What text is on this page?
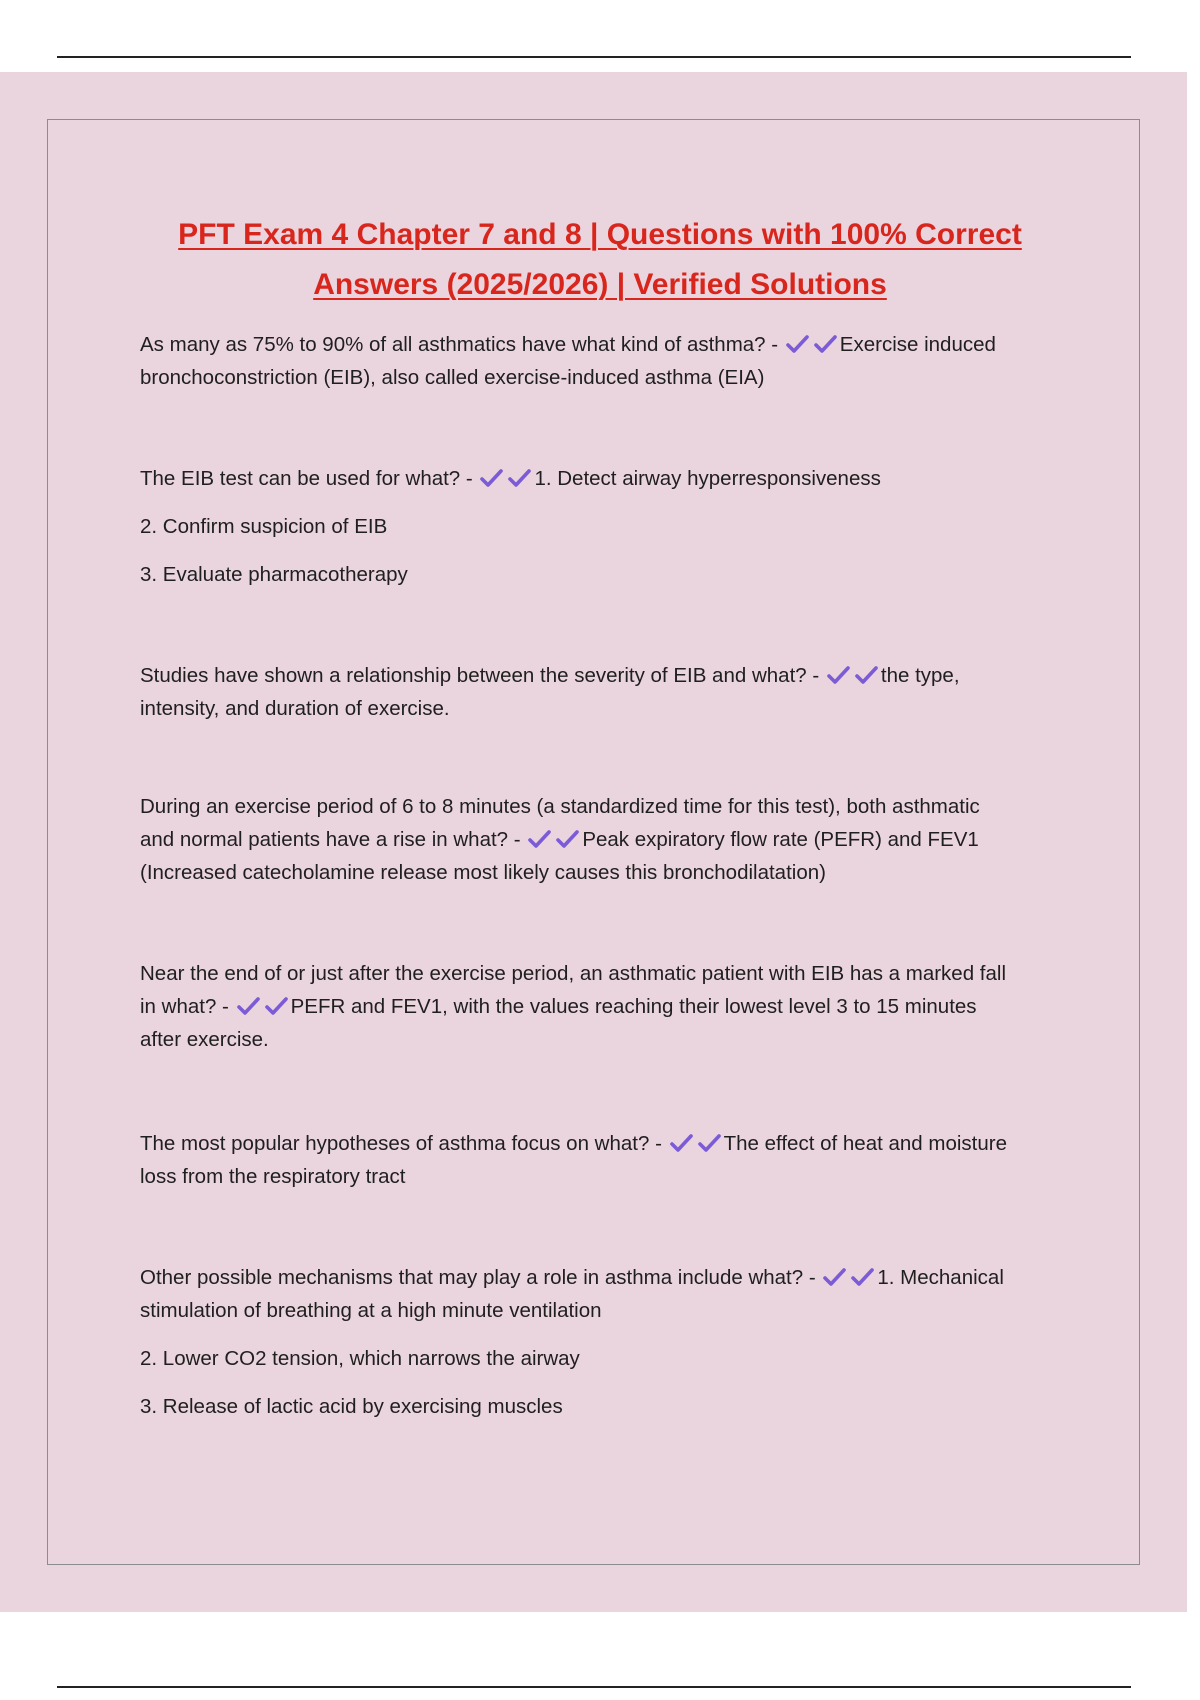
PFT Exam 4 Chapter 7 and 8 | Questions with 100% Correct
Answers (2025/2026) | Verified Solutions

As many as 75% to 90% of all asthmatics have what kind of asthma? -	Exercise induced

bronchoconstriction (EIB), also called exercise-induced asthma (EIA)

The EIB test can be used for what? -	1. Detect airway hyperresponsiveness

2. Confirm suspicion of EIB

3. Evaluate pharmacotherapy

Studies have shown a relationship between the severity of EIB and what? -	the type,

intensity, and duration of exercise.

During an exercise period of 6 to 8 minutes (a standardized time for this test), both asthmatic

and normal patients have a rise in what? -	Peak expiratory flow rate (PEFR) and FEV1

(Increased catecholamine release most likely causes this bronchodilatation)

Near the end of or just after the exercise period, an asthmatic patient with EIB has a marked fall

in what? -	PEFR and FEV1, with the values reaching their lowest level 3 to 15 minutes

after exercise.

The most popular hypotheses of asthma focus on what? -	The effect of heat and moisture

loss from the respiratory tract

Other possible mechanisms that may play a role in asthma include what? -	1. Mechanical

stimulation of breathing at a high minute ventilation

2. Lower CO2 tension, which narrows the airway

3. Release of lactic acid by exercising muscles
